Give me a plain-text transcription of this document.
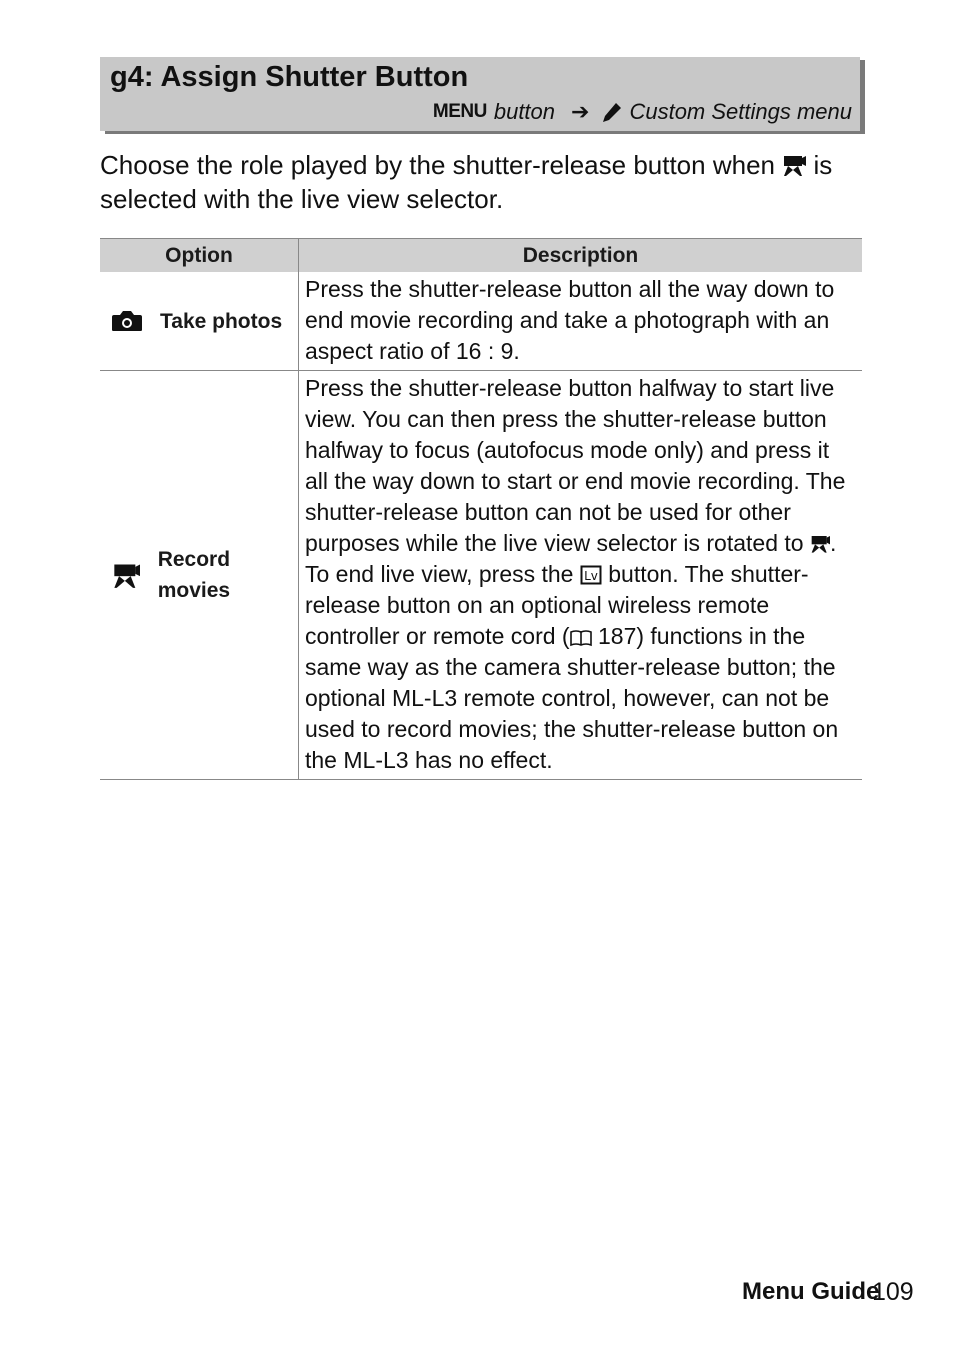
g4: Assign Shutter Button
MENU button ➔ Custom Settings menu
Choose the role played by the shutter-release button when is selected with the live view selector.
Option	Description

Take photos	Press the shutter-release button all the way down to end movie recording and take a photograph with an aspect ratio of 16 : 9.

Record movies	Press the shutter-release button halfway to start live view. You can then press the shutter-release button halfway to focus (autofocus mode only) and press it all the way down to start or end movie recording. The shutter-release button can not be used for other purposes while the live view selector is rotated to . To end live view, press the Lv button. The shutter-release button on an optional wireless remote controller or remote cord ( 187) functions in the same way as the camera shutter-release button; the optional ML-L3 remote control, however, can not be used to record movies; the shutter-release button on the ML-L3 has no effect.
Menu Guide
109
